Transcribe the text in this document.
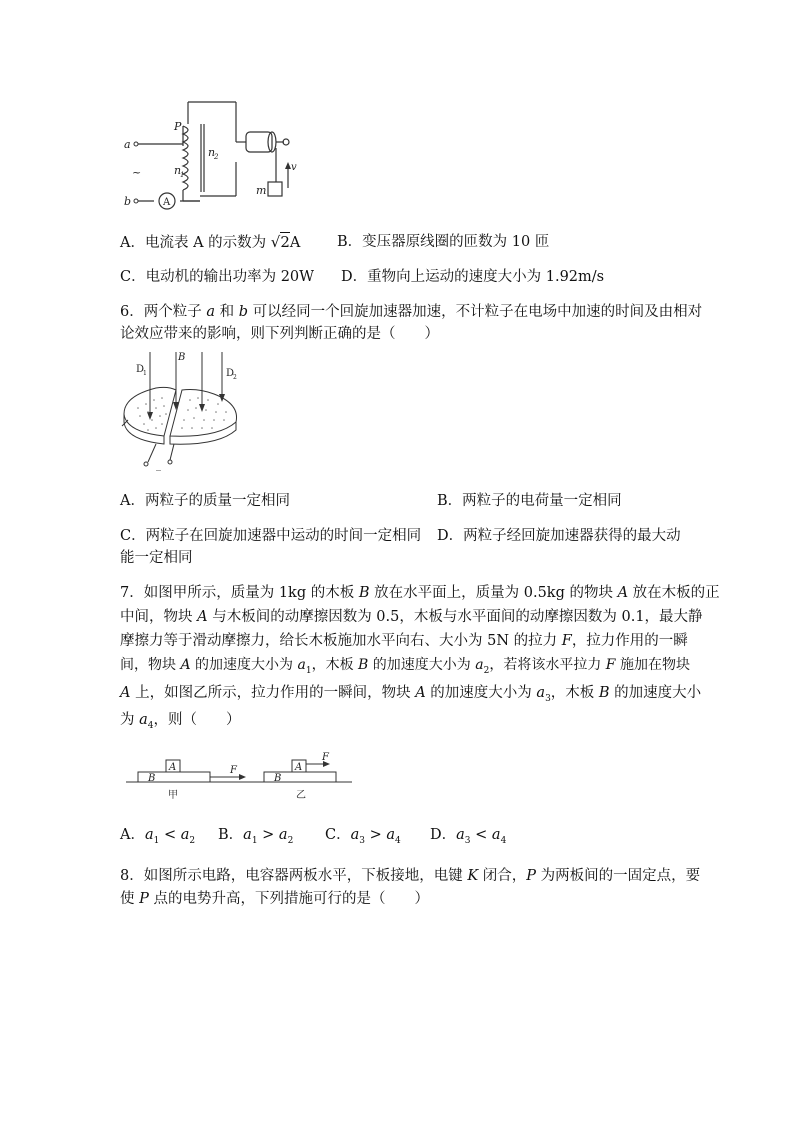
a
b
P
n
2
n
1
m
v
A
~
A．电流表 A 的示数为 √2A	B．变压器原线圈的匝数为 10 匝
C．电动机的输出功率为 20W D．重物向上运动的速度大小为 1.92m/s
6．两个粒子 a 和 b 可以经同一个回旋加速器加速，不计粒子在电场中加速的时间及由相对
论效应带来的影响，则下列判断正确的是（　　）
B
D
1	D
2
_
A．两粒子的质量一定相同	B．两粒子的电荷量一定相同
C．两粒子在回旋加速器中运动的时间一定相同 D．两粒子经回旋加速器获得的最大动
能一定相同
7．如图甲所示，质量为 1kg 的木板 B 放在水平面上，质量为 0.5kg 的物块 A 放在木板的正
中间，物块 A 与木板间的动摩擦因数为 0.5，木板与水平面间的动摩擦因数为 0.1，最大静
摩擦力等于滑动摩擦力，给长木板施加水平向右、大小为 5N 的拉力 F，拉力作用的一瞬
间，物块 A 的加速度大小为 $a_1$，木板 B 的加速度大小为 $a_2$，若将该水平拉力 F 施加在物块
A 上，如图乙所示，拉力作用的一瞬间，物块 A 的加速度大小为 $a_3$，木板 B 的加速度大小
为 $a_4$，则（　　）
A
B
F	A
B
F
甲	乙
A．$a_1 < a_2$ B．$a_1 > a_2$ C．$a_3 > a_4$ D．$a_3 < a_4$
8．如图所示电路，电容器两板水平，下板接地，电键 K 闭合，P 为两板间的一固定点，要
使 P 点的电势升高，下列措施可行的是（　　）
